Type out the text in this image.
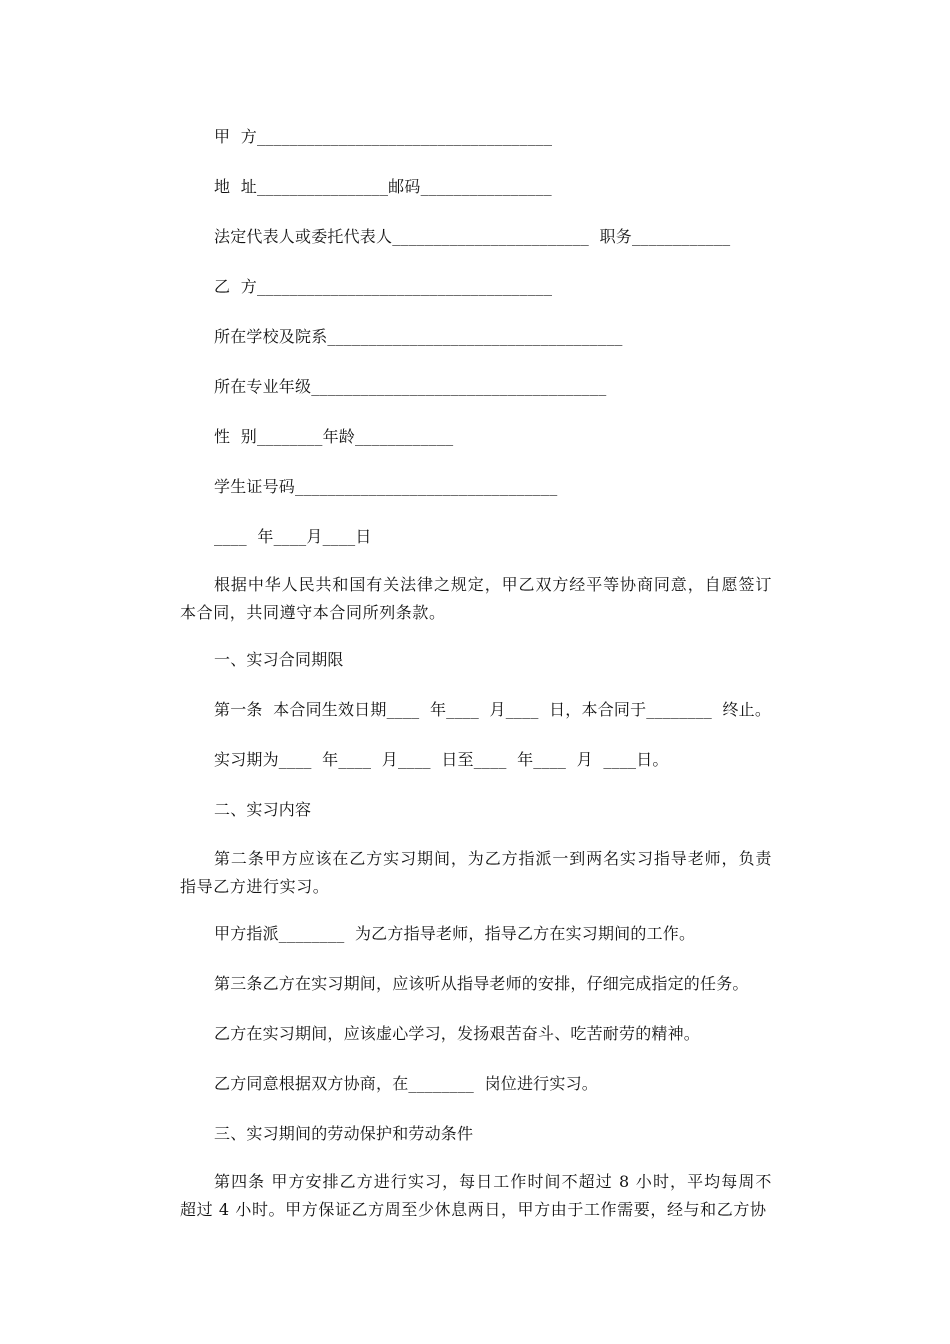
甲  方____________________________________
地  址________________邮码________________
法定代表人或委托代表人________________________  职务____________
乙  方____________________________________
所在学校及院系____________________________________
所在专业年级____________________________________
性  别________年龄____________
学生证号码________________________________
____  年____月____日
根据中华人民共和国有关法律之规定，甲乙双方经平等协商同意，自愿签订本合同，共同遵守本合同所列条款。
一、实习合同期限
第一条  本合同生效日期____  年____  月____  日，本合同于________  终止。
实习期为____  年____  月____  日至____  年____  月  ____日。
二、实习内容
第二条甲方应该在乙方实习期间，为乙方指派一到两名实习指导老师，负责指导乙方进行实习。
甲方指派________  为乙方指导老师，指导乙方在实习期间的工作。
第三条乙方在实习期间，应该听从指导老师的安排，仔细完成指定的任务。
乙方在实习期间，应该虚心学习，发扬艰苦奋斗、吃苦耐劳的精神。
乙方同意根据双方协商，在________  岗位进行实习。
三、实习期间的劳动保护和劳动条件
第四条 甲方安排乙方进行实习，每日工作时间不超过 8 小时，平均每周不超过 4 小时。甲方保证乙方周至少休息两日，甲方由于工作需要，经与和乙方协
